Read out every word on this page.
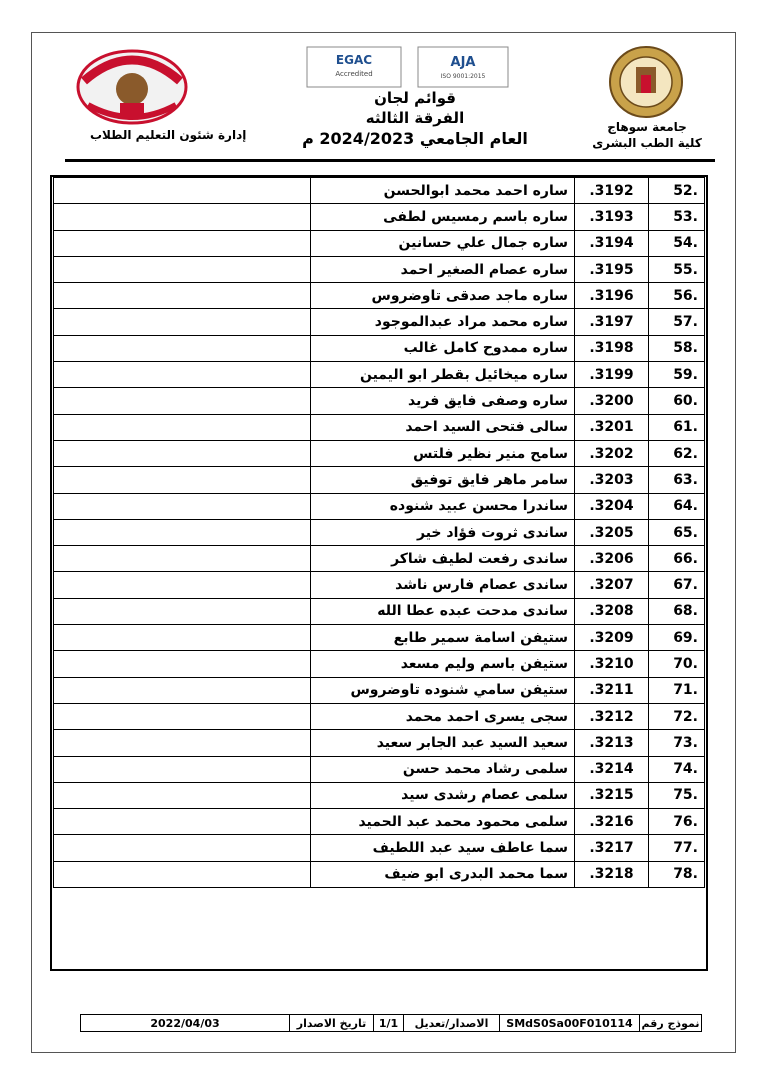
إدارة شئون التعليم الطلاب
EGAC
Accredited
AJA
ISO 9001:2015
قوائم لجان
الفرقة الثالثه
العام الجامعي 2024/2023 م
جامعة سوهاج
كلية الطب البشرى
.52	3192.	ساره احمد محمد ابوالحسن	
.53	3193.	ساره باسم رمسيس لطفى	
.54	3194.	ساره جمال علي حسانين	
.55	3195.	ساره عصام الصغير احمد	
.56	3196.	ساره ماجد صدقى تاوضروس	
.57	3197.	ساره محمد مراد عبدالموجود	
.58	3198.	ساره ممدوح كامل غالب	
.59	3199.	ساره ميخائيل بقطر ابو اليمين	
.60	3200.	ساره وصفى فايق فريد	
.61	3201.	سالى فتحى السيد احمد	
.62	3202.	سامح منير نظير فلتس	
.63	3203.	سامر ماهر فايق توفيق	
.64	3204.	ساندرا محسن عبيد شنوده	
.65	3205.	ساندى ثروت فؤاد خير	
.66	3206.	ساندى رفعت لطيف شاكر	
.67	3207.	ساندى عصام فارس ناشد	
.68	3208.	ساندى مدحت عبده عطا الله	
.69	3209.	ستيفن اسامة سمير طابع	
.70	3210.	ستيفن باسم وليم مسعد	
.71	3211.	ستيفن سامي شنوده تاوضروس	
.72	3212.	سجى يسرى احمد محمد	
.73	3213.	سعيد السيد عبد الجابر سعيد	
.74	3214.	سلمى رشاد محمد حسن	
.75	3215.	سلمى عصام رشدى سيد	
.76	3216.	سلمى محمود محمد عبد الحميد	
.77	3217.	سما عاطف سيد عبد اللطيف	
.78	3218.	سما محمد البدرى ابو ضيف	
نموذج رقم
SMdS0Sa00F010114
الاصدار/تعديل
1/1
تاريخ الاصدار
2022/04/03
